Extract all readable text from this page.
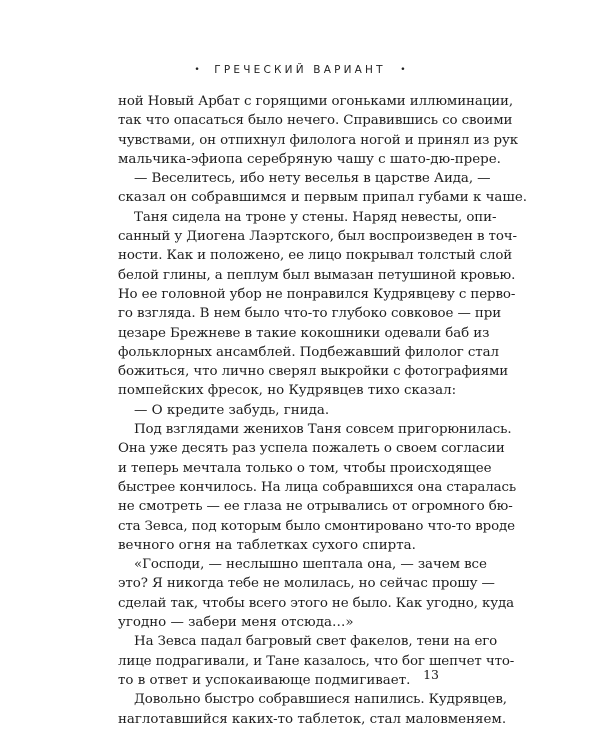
• ГРЕЧЕСКИЙ ВАРИАНТ •
ной Новый Арбат с горящими огоньками иллюминации,
так что опасаться было нечего. Справившись со своими
чувствами, он отпихнул филолога ногой и принял из рук
мальчика-эфиопа серебряную чашу с шато-дю-прере.
— Веселитесь, ибо нету веселья в царстве Аида, —
сказал он собравшимся и первым припал губами к чаше.
Таня сидела на троне у стены. Наряд невесты, опи-
санный у Диогена Лаэртского, был воспроизведен в точ-
ности. Как и положено, ее лицо покрывал толстый слой
белой глины, а пеплум был вымазан петушиной кровью.
Но ее головной убор не понравился Кудрявцеву с перво-
го взгляда. В нем было что-то глубоко совковое — при
цезаре Брежневе в такие кокошники одевали баб из
фольклорных ансамблей. Подбежавший филолог стал
божиться, что лично сверял выкройки с фотографиями
помпейских фресок, но Кудрявцев тихо сказал:
— О кредите забудь, гнида.
Под взглядами женихов Таня совсем пригорюнилась.
Она уже десять раз успела пожалеть о своем согласии
и теперь мечтала только о том, чтобы происходящее
быстрее кончилось. На лица собравшихся она старалась
не смотреть — ее глаза не отрывались от огромного бю-
ста Зевса, под которым было смонтировано что-то вроде
вечного огня на таблетках сухого спирта.
«Господи, — неслышно шептала она, — зачем все
это? Я никогда тебе не молилась, но сейчас прошу —
сделай так, чтобы всего этого не было. Как угодно, куда
угодно — забери меня отсюда…»
На Зевса падал багровый свет факелов, тени на его
лице подрагивали, и Тане казалось, что бог шепчет что-
то в ответ и успокаивающе подмигивает.
Довольно быстро собравшиеся напились. Кудрявцев,
наглотавшийся каких-то таблеток, стал маловменяем.
13
